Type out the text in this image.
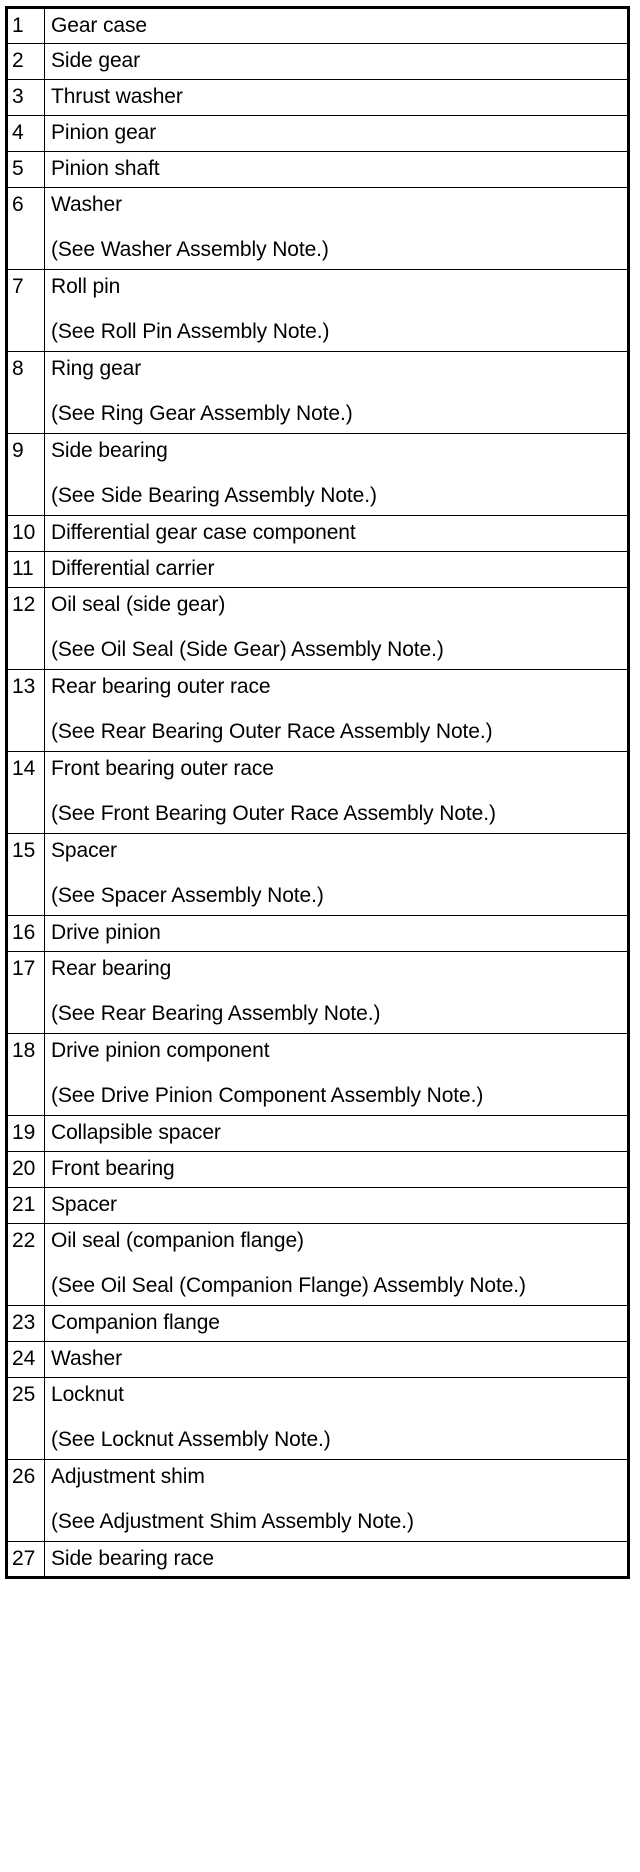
1	Gear case

2	Side gear

3	Thrust washer

4	Pinion gear

5	Pinion shaft

6	Washer
(See Washer Assembly Note.)

7	Roll pin
(See Roll Pin Assembly Note.)

8	Ring gear
(See Ring Gear Assembly Note.)

9	Side bearing
(See Side Bearing Assembly Note.)

10	Differential gear case component

11	Differential carrier

12	Oil seal (side gear)
(See Oil Seal (Side Gear) Assembly Note.)

13	Rear bearing outer race
(See Rear Bearing Outer Race Assembly Note.)

14	Front bearing outer race
(See Front Bearing Outer Race Assembly Note.)

15	Spacer
(See Spacer Assembly Note.)

16	Drive pinion

17	Rear bearing
(See Rear Bearing Assembly Note.)

18	Drive pinion component
(See Drive Pinion Component Assembly Note.)

19	Collapsible spacer

20	Front bearing

21	Spacer

22	Oil seal (companion flange)
(See Oil Seal (Companion Flange) Assembly Note.)

23	Companion flange

24	Washer

25	Locknut
(See Locknut Assembly Note.)

26	Adjustment shim
(See Adjustment Shim Assembly Note.)

27	Side bearing race
